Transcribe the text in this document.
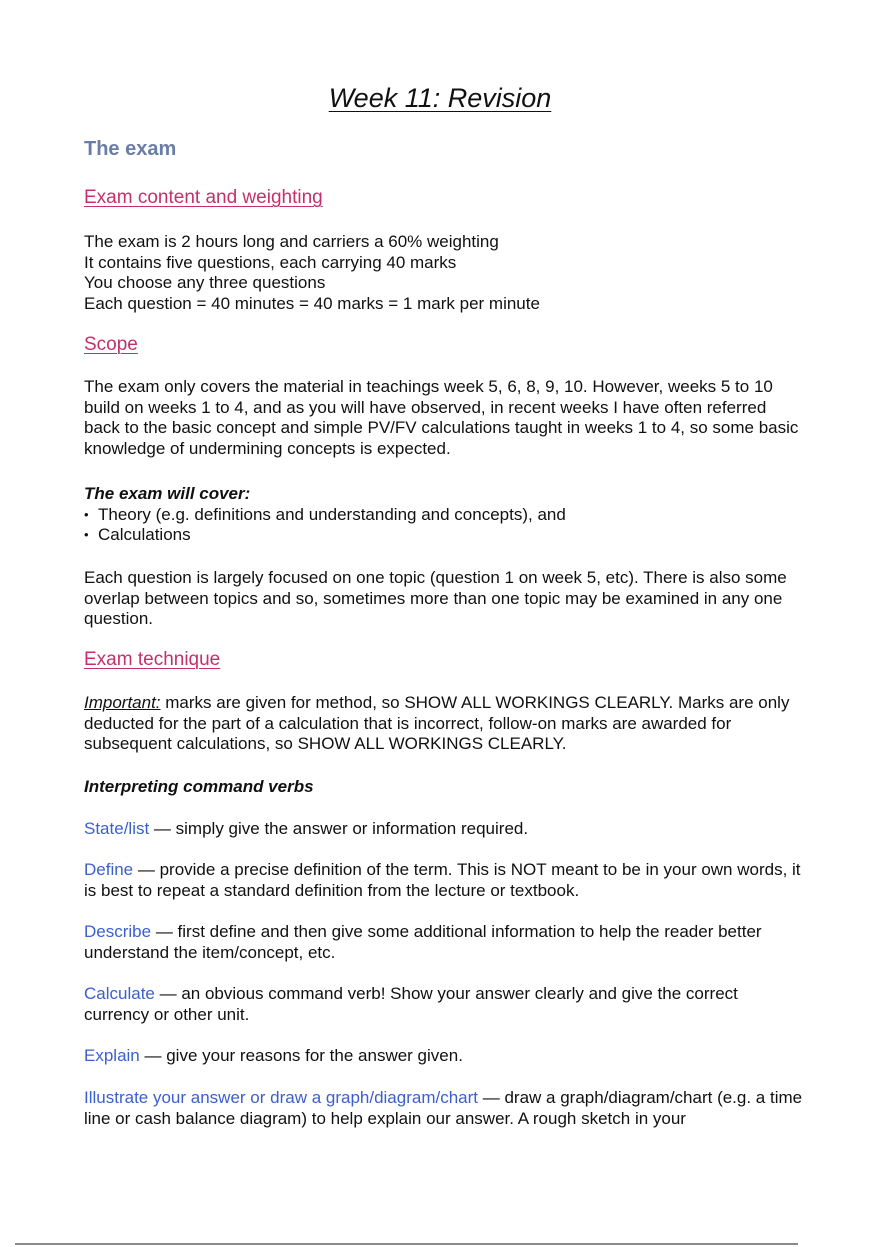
Week 11: Revision
The exam
Exam content and weighting
The exam is 2 hours long and carriers a 60% weighting
It contains five questions, each carrying 40 marks
You choose any three questions
Each question = 40 minutes = 40 marks = 1 mark per minute
Scope
The exam only covers the material in teachings week 5, 6, 8, 9, 10. However, weeks 5 to 10 build on weeks 1 to 4, and as you will have observed, in recent weeks I have often referred back to the basic concept and simple PV/FV calculations taught in weeks 1 to 4, so some basic knowledge of undermining concepts is expected.
The exam will cover:
• Theory (e.g. definitions and understanding and concepts), and
• Calculations
Each question is largely focused on one topic (question 1 on week 5, etc). There is also some overlap between topics and so, sometimes more than one topic may be examined in any one question.
Exam technique
Important: marks are given for method, so SHOW ALL WORKINGS CLEARLY. Marks are only deducted for the part of a calculation that is incorrect, follow-on marks are awarded for subsequent calculations, so SHOW ALL WORKINGS CLEARLY.
Interpreting command verbs
State/list — simply give the answer or information required.
Define — provide a precise definition of the term. This is NOT meant to be in your own words, it is best to repeat a standard definition from the lecture or textbook.
Describe — first define and then give some additional information to help the reader better understand the item/concept, etc.
Calculate — an obvious command verb! Show your answer clearly and give the correct currency or other unit.
Explain — give your reasons for the answer given.
Illustrate your answer or draw a graph/diagram/chart — draw a graph/diagram/chart (e.g. a time line or cash balance diagram) to help explain our answer. A rough sketch in your
